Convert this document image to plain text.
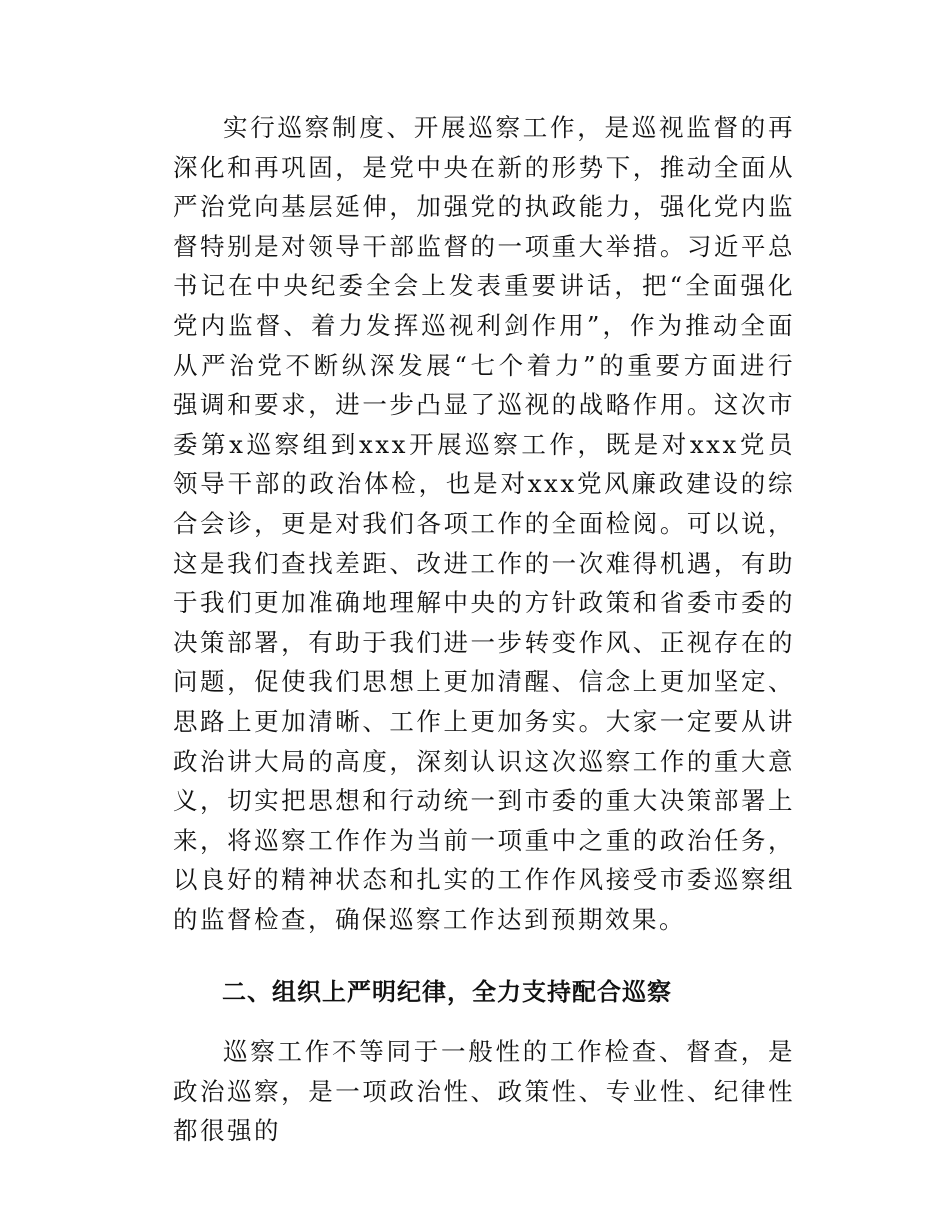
实行巡察制度、开展巡察工作，是巡视监督的再深化和再巩固，是党中央在新的形势下，推动全面从严治党向基层延伸，加强党的执政能力，强化党内监督特别是对领导干部监督的一项重大举措。习近平总书记在中央纪委全会上发表重要讲话，把“全面强化党内监督、着力发挥巡视利剑作用”，作为推动全面从严治党不断纵深发展“七个着力”的重要方面进行强调和要求，进一步凸显了巡视的战略作用。这次市委第x巡察组到xxx开展巡察工作，既是对xxx党员领导干部的政治体检，也是对xxx党风廉政建设的综合会诊，更是对我们各项工作的全面检阅。可以说，这是我们查找差距、改进工作的一次难得机遇，有助于我们更加准确地理解中央的方针政策和省委市委的决策部署，有助于我们进一步转变作风、正视存在的问题，促使我们思想上更加清醒、信念上更加坚定、思路上更加清晰、工作上更加务实。大家一定要从讲政治讲大局的高度，深刻认识这次巡察工作的重大意义，切实把思想和行动统一到市委的重大决策部署上来，将巡察工作作为当前一项重中之重的政治任务，以良好的精神状态和扎实的工作作风接受市委巡察组的监督检查，确保巡察工作达到预期效果。

二、组织上严明纪律，全力支持配合巡察

巡察工作不等同于一般性的工作检查、督查，是政治巡察，是一项政治性、政策性、专业性、纪律性都很强的
